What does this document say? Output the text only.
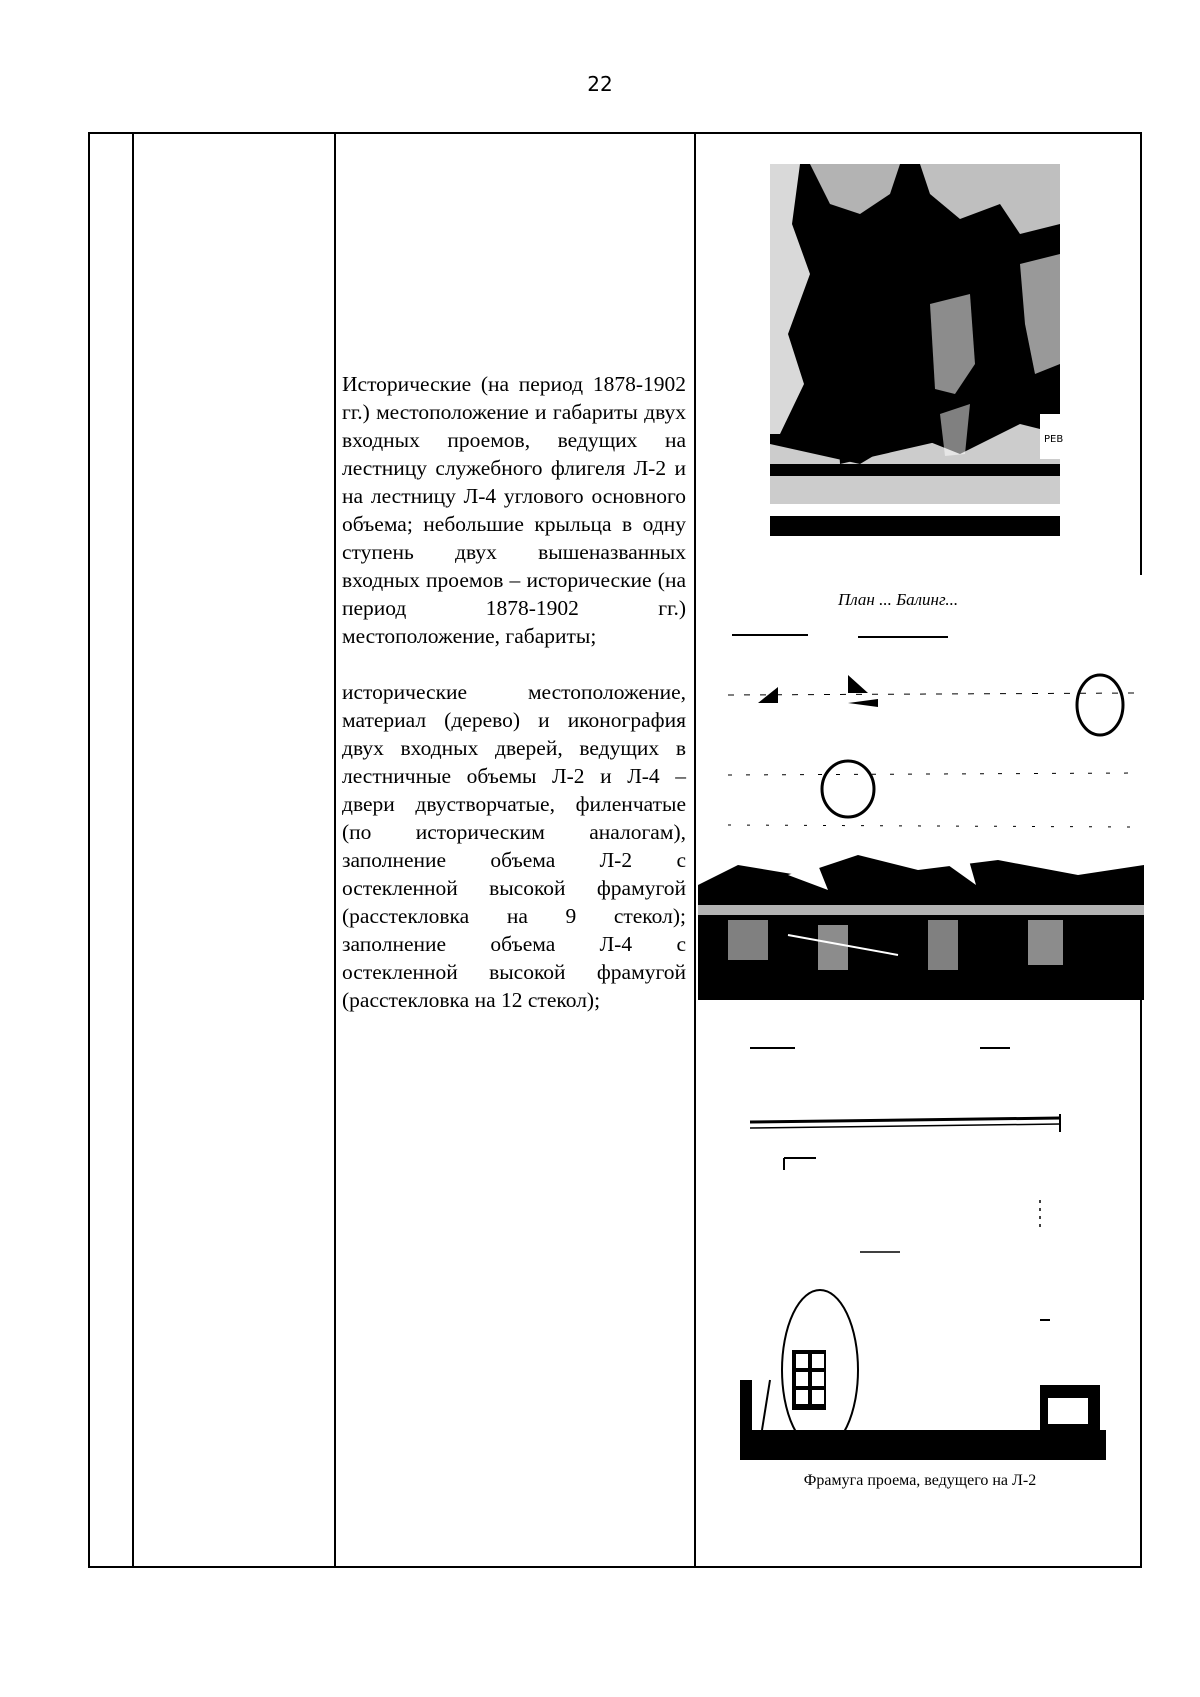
22

Исторические (на период 1878-1902 гг.) местоположение и габариты двух входных проемов, ведущих на лестницу служебного флигеля Л-2 и на лестницу Л-4 углового основного объема; небольшие крыльца в одну ступень двух вышеназванных входных проемов – исторические (на период 1878-1902 гг.) местоположение, габариты;

исторические местоположение, материал (дерево) и иконография двух входных дверей, ведущих в лестничные объемы Л-2 и Л-4 – двери двустворчатые, филенчатые (по историческим аналогам), заполнение объема Л-2 с остекленной высокой фрамугой (расстекловка на 9 стекол); заполнение объема Л-4 с остекленной высокой фрамугой (расстекловка на 12 стекол);

РЕВ
План ... Балинг...
Фрамуга проема, ведущего на Л-2
